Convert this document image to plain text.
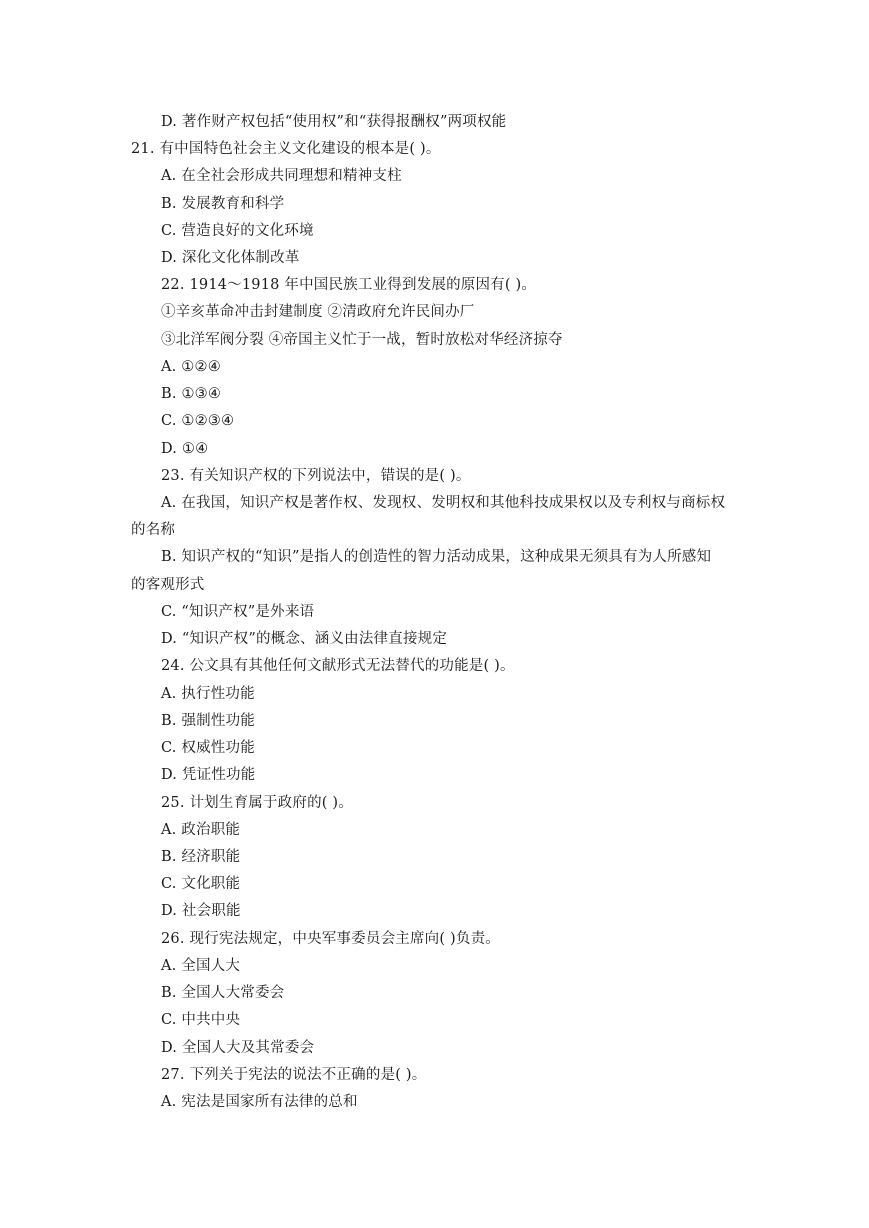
D. 著作财产权包括“使用权”和“获得报酬权”两项权能
21. 有中国特色社会主义文化建设的根本是( )。
A. 在全社会形成共同理想和精神支柱
B. 发展教育和科学
C. 营造良好的文化环境
D. 深化文化体制改革
22. 1914～1918 年中国民族工业得到发展的原因有( )。
①辛亥革命冲击封建制度 ②清政府允许民间办厂
③北洋军阀分裂 ④帝国主义忙于一战，暂时放松对华经济掠夺
A. ①②④
B. ①③④
C. ①②③④
D. ①④
23. 有关知识产权的下列说法中，错误的是( )。
A. 在我国，知识产权是著作权、发现权、发明权和其他科技成果权以及专利权与商标权
的名称
B. 知识产权的“知识”是指人的创造性的智力活动成果，这种成果无须具有为人所感知
的客观形式
C. “知识产权”是外来语
D. “知识产权”的概念、涵义由法律直接规定
24. 公文具有其他任何文献形式无法替代的功能是( )。
A. 执行性功能
B. 强制性功能
C. 权威性功能
D. 凭证性功能
25. 计划生育属于政府的( )。
A. 政治职能
B. 经济职能
C. 文化职能
D. 社会职能
26. 现行宪法规定，中央军事委员会主席向( )负责。
A. 全国人大
B. 全国人大常委会
C. 中共中央
D. 全国人大及其常委会
27. 下列关于宪法的说法不正确的是( )。
A. 宪法是国家所有法律的总和
